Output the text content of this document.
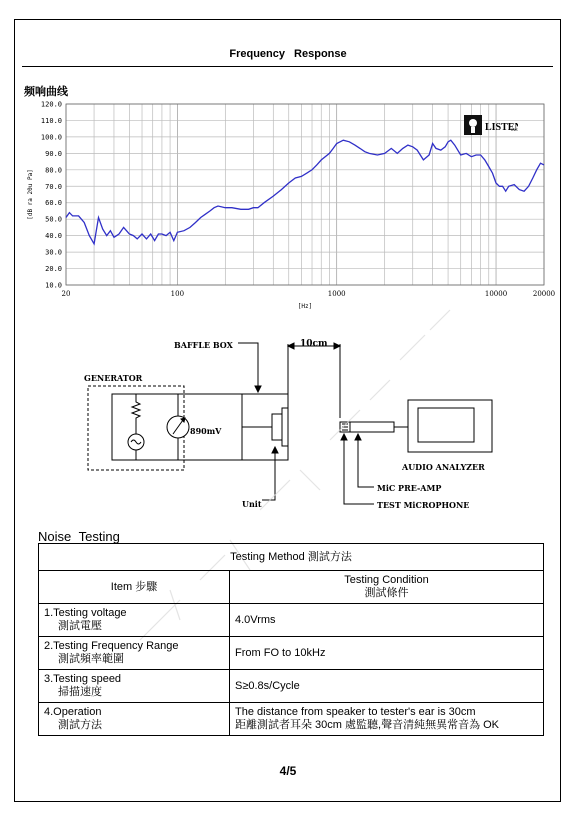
Frequency Response
频响曲线
120.0
110.0
100.0
90.0
80.0
70.0
60.0
50.0
40.0
30.0
20.0
10.0
20	100	1000	10000	20000
[Hz]
[dB ra 20u Pa]
LISTE
INC
BAFFLE BOX
GENERATOR
10cm
890mV
Unit
AUDIO ANALYZER
MiC PRE-AMP
TEST MiCROPHONE
Noise Testing
Testing Method 測試方法	
Item 步驟	Testing Condition
測試條件

1.Testing voltage
測試電壓	4.0Vrms

2.Testing Frequency Range
測試頻率範圍	From FO to 10kHz

3.Testing speed
掃描速度	S≥0.8s/Cycle

4.Operation
測試方法	The distance from speaker to tester's ear is 30cm
距離測試者耳朵 30cm 處監聽,聲音清純無異常音為 OK
4/5
